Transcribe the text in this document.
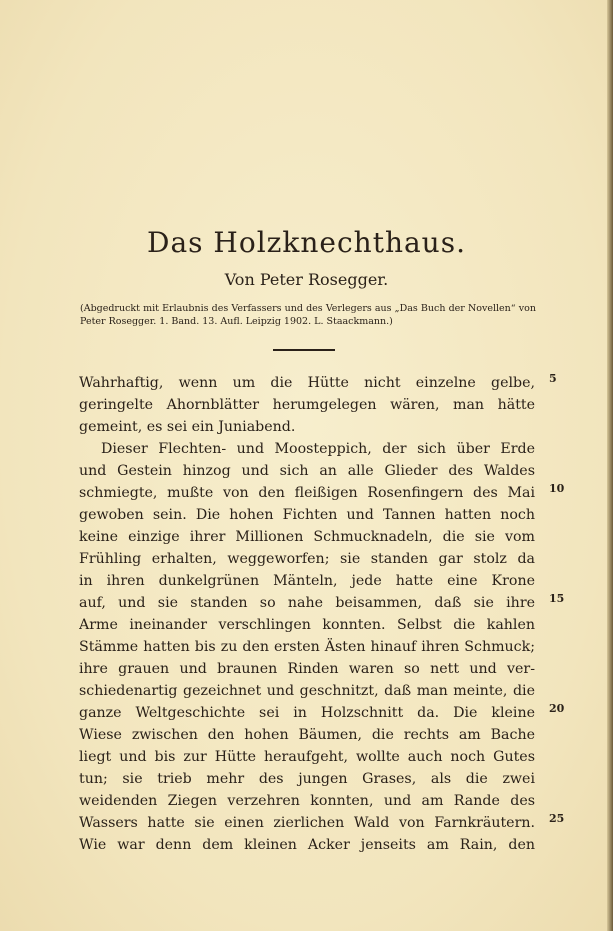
Das Holzknechthaus.
Von Peter Rosegger.
(Abgedruckt mit Erlaubnis des Verfassers und des Verlegers aus „Das Buch der Novellen“ von Peter Rosegger. 1. Band. 13. Aufl. Leipzig 1902. L. Staackmann.)
Wahrhaftig, wenn um die Hütte nicht einzelne gelbe,
geringelte Ahornblätter herumgelegen wären, man hätte
gemeint, es sei ein Juniabend.
Dieser Flechten- und Moosteppich, der sich über Erde
und Gestein hinzog und sich an alle Glieder des Waldes
schmiegte, mußte von den fleißigen Rosenfingern des Mai
gewoben sein. Die hohen Fichten und Tannen hatten noch
keine einzige ihrer Millionen Schmucknadeln, die sie vom
Frühling erhalten, weggeworfen; sie standen gar stolz da
in ihren dunkelgrünen Mänteln, jede hatte eine Krone
auf, und sie standen so nahe beisammen, daß sie ihre
Arme ineinander verschlingen konnten. Selbst die kahlen
Stämme hatten bis zu den ersten Ästen hinauf ihren Schmuck;
ihre grauen und braunen Rinden waren so nett und ver-
schiedenartig gezeichnet und geschnitzt, daß man meinte, die
ganze Weltgeschichte sei in Holzschnitt da. Die kleine
Wiese zwischen den hohen Bäumen, die rechts am Bache
liegt und bis zur Hütte heraufgeht, wollte auch noch Gutes
tun; sie trieb mehr des jungen Grases, als die zwei
weidenden Ziegen verzehren konnten, und am Rande des
Wassers hatte sie einen zierlichen Wald von Farnkräutern.
Wie war denn dem kleinen Acker jenseits am Rain, den
5
10
15
20
25
